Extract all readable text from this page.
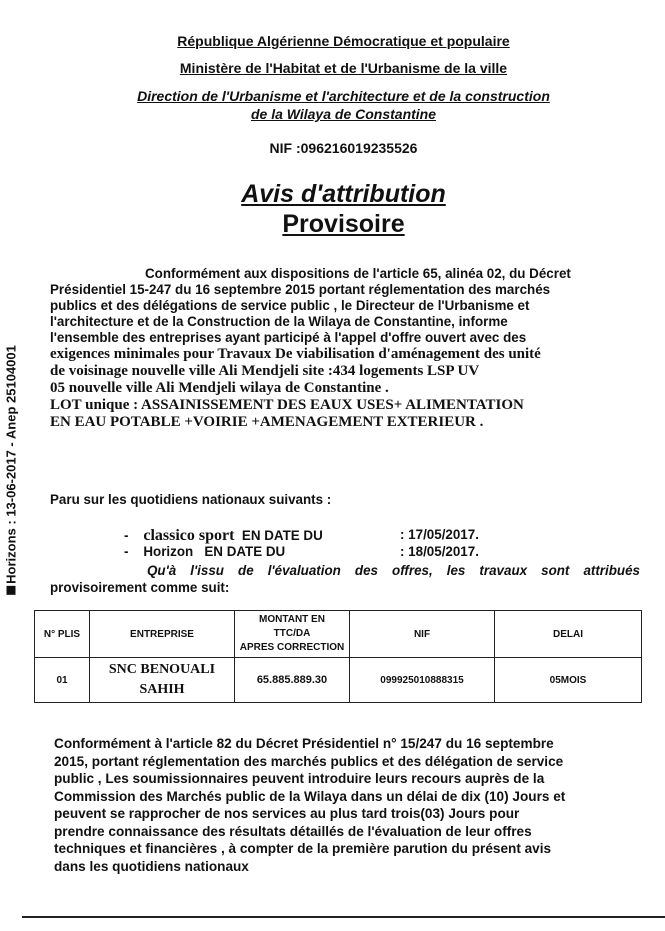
Horizons : 13-06-2017 - Anep 25104001
République Algérienne Démocratique et populaire
Ministère de l'Habitat et de l'Urbanisme de la ville
Direction de l'Urbanisme et l'architecture et de la construction
de la Wilaya de Constantine
NIF :096216019235526
Avis d'attribution
Provisoire
Conformément aux dispositions de l'article 65, alinéa 02, du Décret
Présidentiel 15-247 du 16 septembre 2015 portant réglementation des marchés
publics et des délégations de service public , le Directeur de l'Urbanisme et
l'architecture et de la Construction de la Wilaya de Constantine, informe
l'ensemble des entreprises ayant participé à l'appel d'offre ouvert avec des
exigences minimales pour Travaux De viabilisation d'aménagement des unité
de voisinage nouvelle ville Ali Mendjeli site :434 logements LSP UV
05 nouvelle ville Ali Mendjeli wilaya de Constantine .
LOT unique : ASSAINISSEMENT DES EAUX USES+ ALIMENTATION
EN EAU POTABLE +VOIRIE +AMENAGEMENT EXTERIEUR .
Paru sur les quotidiens nationaux suivants :
- classico sport EN DATE DU	: 17/05/2017.
- Horizon EN DATE DU	: 18/05/2017.
Qu'à l'issu de l'évaluation des offres, les travaux sont attribués
provisoirement comme suit:
N° PLIS	ENTREPRISE	MONTANT EN
TTC/DA
APRES CORRECTION	NIF	DELAI
01	SNC BENOUALI
SAHIH	65.885.889.30	099925010888315	05MOIS
Conformément à l'article 82 du Décret Présidentiel n° 15/247 du 16 septembre
2015, portant réglementation des marchés publics et des délégation de service
public , Les soumissionnaires peuvent introduire leurs recours auprès de la
Commission des Marchés public de la Wilaya dans un délai de dix (10) Jours et
peuvent se rapprocher de nos services au plus tard trois(03) Jours pour
prendre connaissance des résultats détaillés de l'évaluation de leur offres
techniques et financières , à compter de la première parution du présent avis
dans les quotidiens nationaux
